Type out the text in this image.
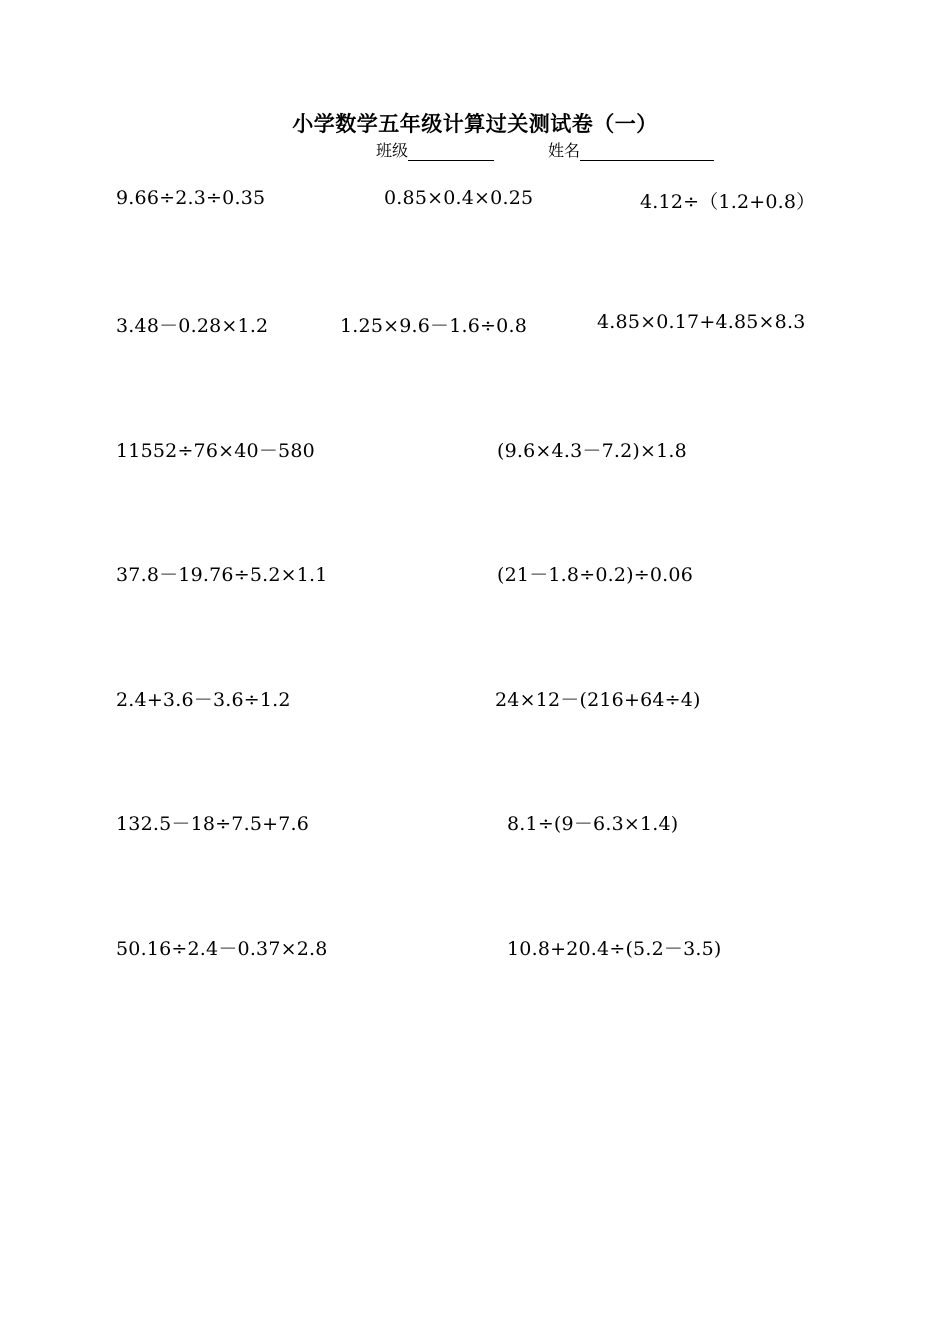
小学数学五年级计算过关测试卷（一）
班级	姓名
9.66÷2.3÷0.35	0.85×0.4×0.25	4.12÷（1.2+0.8）
3.48－0.28×1.2	1.25×9.6－1.6÷0.8	4.85×0.17+4.85×8.3
11552÷76×40－580	(9.6×4.3－7.2)×1.8
37.8－19.76÷5.2×1.1	(21－1.8÷0.2)÷0.06
2.4+3.6－3.6÷1.2	24×12－(216+64÷4)
132.5－18÷7.5+7.6	8.1÷(9－6.3×1.4)
50.16÷2.4－0.37×2.8	10.8+20.4÷(5.2－3.5)
